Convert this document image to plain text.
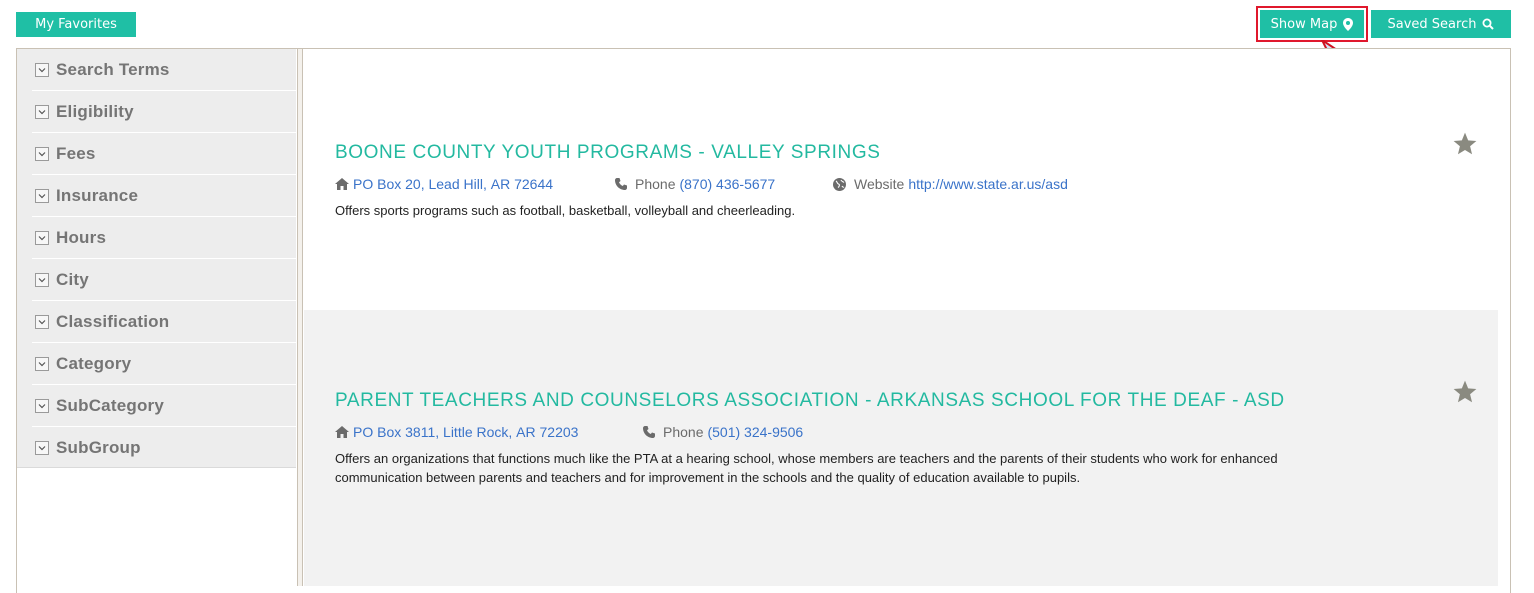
My Favorites	Show Map	Saved Search

Search Terms
Eligibility
Fees
Insurance
Hours
City
Classification
Category
SubCategory
SubGroup
BOONE COUNTY YOUTH PROGRAMS - VALLEY SPRINGS
PO Box 20,
Lead Hill,
AR
72644	Phone (870) 436-5677	Website http://www.state.ar.us/asd
Offers sports programs such as football, basketball, volleyball and cheerleading.
PARENT TEACHERS AND COUNSELORS ASSOCIATION - ARKANSAS SCHOOL FOR THE DEAF - ASD
PO Box 3811,
Little Rock,
AR
72203	Phone (501) 324-9506
Offers an organizations that functions much like the PTA at a hearing school, whose members are teachers and the parents of their students who work for enhanced
communication between parents and teachers and for improvement in the schools and the quality of education available to pupils.
